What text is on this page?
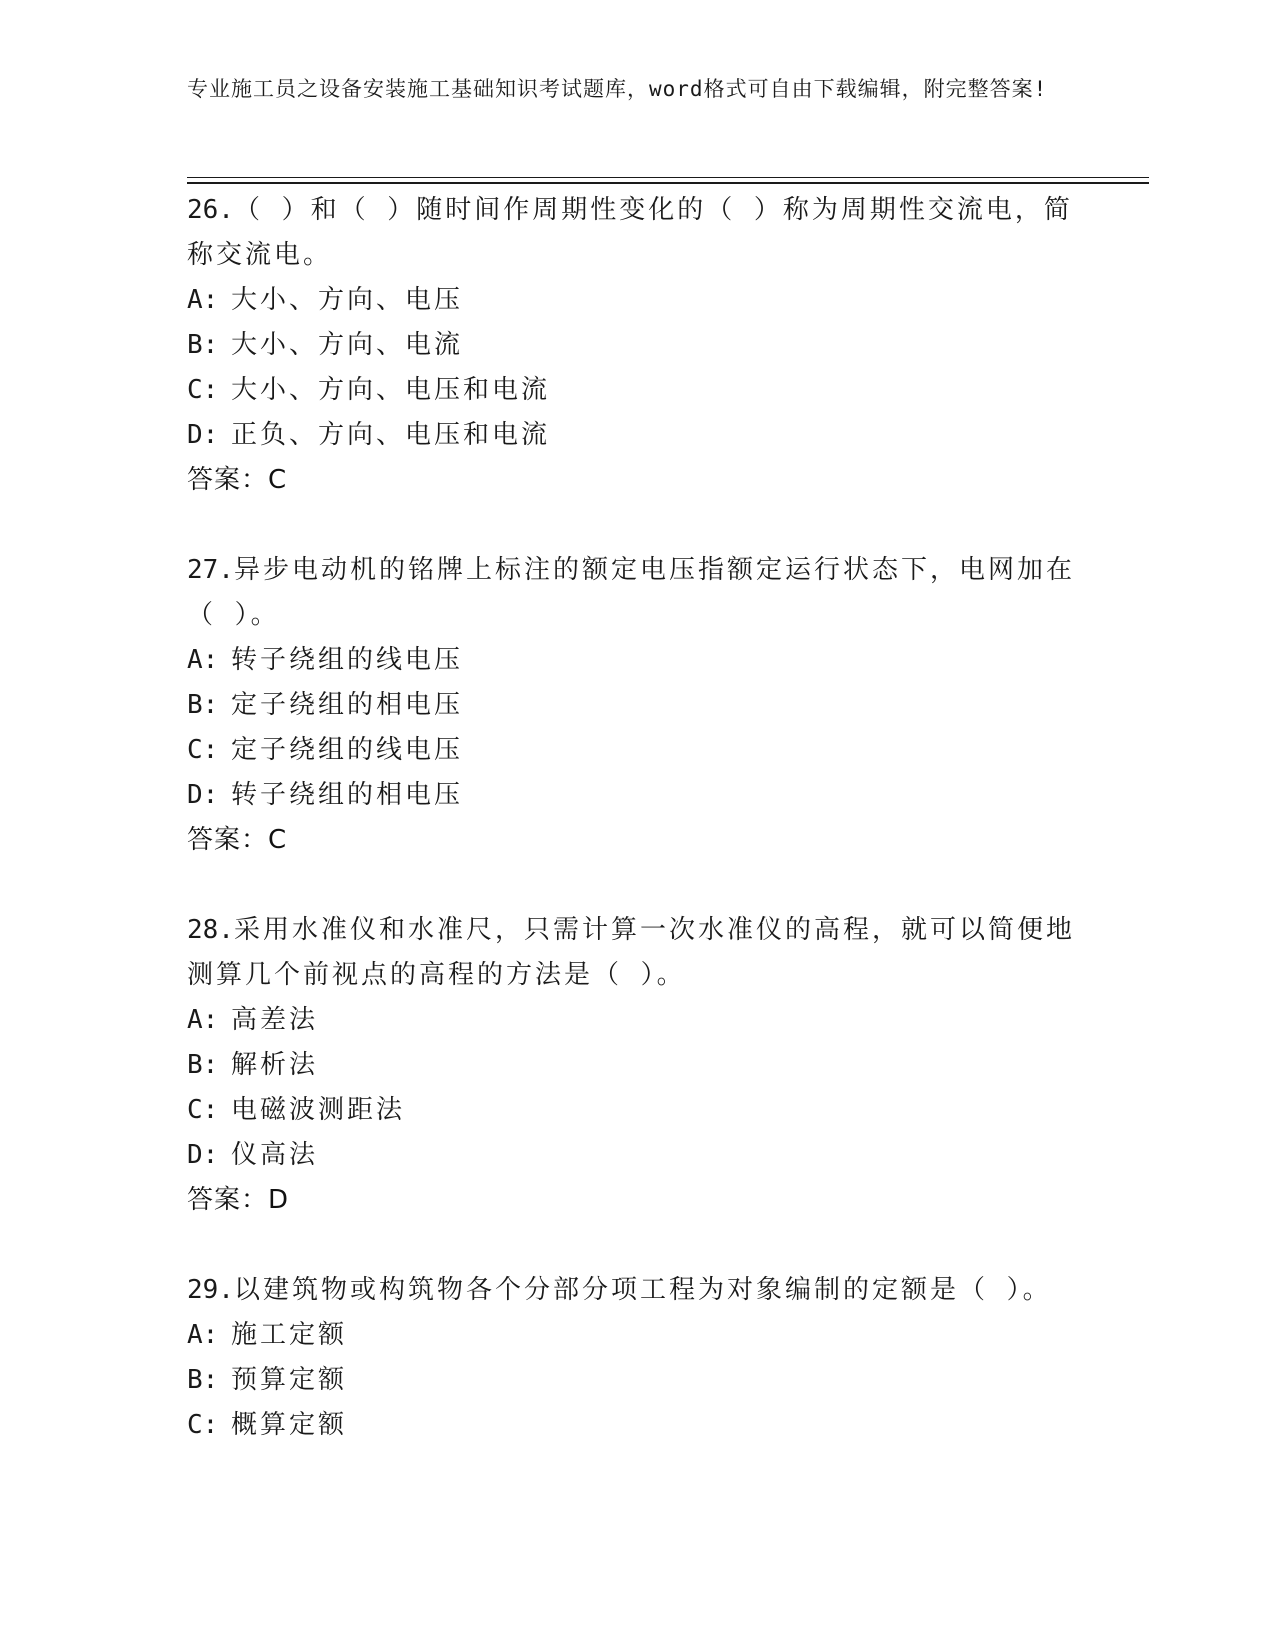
专业施工员之设备安装施工基础知识考试题库，word格式可自由下载编辑，附完整答案!

26.（ ）和（ ）随时间作周期性变化的（ ）称为周期性交流电，简称交流电。

A: 大小、方向、电压

B: 大小、方向、电流

C: 大小、方向、电压和电流

D: 正负、方向、电压和电流

答案：C

27.异步电动机的铭牌上标注的额定电压指额定运行状态下，电网加在（ ）。

A: 转子绕组的线电压

B: 定子绕组的相电压

C: 定子绕组的线电压

D: 转子绕组的相电压

答案：C

28.采用水准仪和水准尺，只需计算一次水准仪的高程，就可以简便地测算几个前视点的高程的方法是（ ）。

A: 高差法

B: 解析法

C: 电磁波测距法

D: 仪高法

答案：D

29.以建筑物或构筑物各个分部分项工程为对象编制的定额是（ ）。

A: 施工定额

B: 预算定额

C: 概算定额
